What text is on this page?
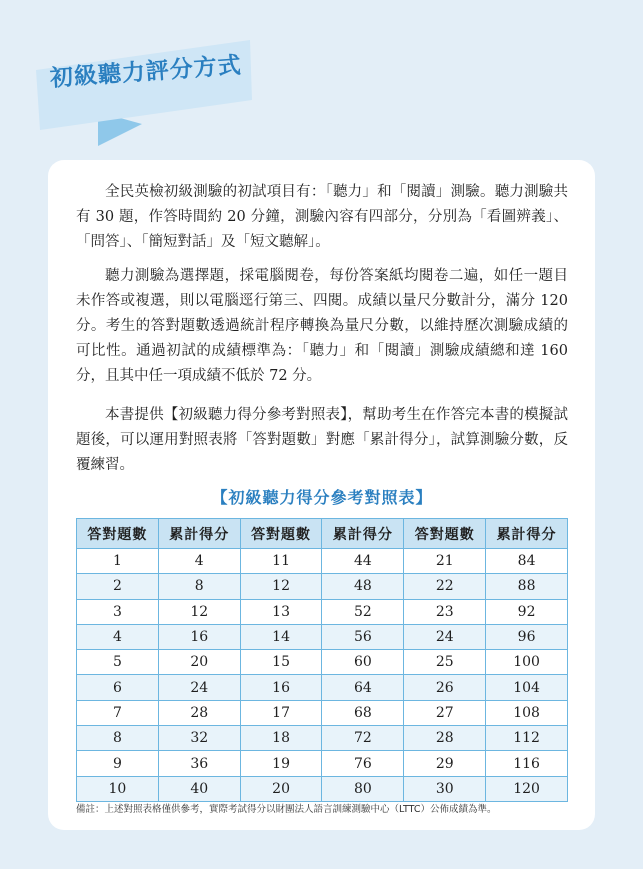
初級聽力評分方式

全民英檢初級測驗的初試項目有：「聽力」和「閱讀」測驗。聽力測驗共有 30 題，作答時間約 20 分鐘，測驗內容有四部分，分別為「看圖辨義」、「問答」、「簡短對話」及「短文聽解」。

聽力測驗為選擇題，採電腦閱卷，每份答案紙均閱卷二遍，如任一題目未作答或複選，則以電腦逕行第三、四閱。成績以量尺分數計分，滿分 120 分。考生的答對題數透過統計程序轉換為量尺分數，以維持歷次測驗成績的可比性。通過初試的成績標準為：「聽力」和「閱讀」測驗成績總和達 160 分，且其中任一項成績不低於 72 分。

本書提供【初級聽力得分參考對照表】，幫助考生在作答完本書的模擬試題後，可以運用對照表將「答對題數」對應「累計得分」，試算測驗分數，反覆練習。

【初級聽力得分參考對照表】
答對題數	累計得分	答對題數	累計得分	答對題數	累計得分
1	4	11	44	21	84
2	8	12	48	22	88
3	12	13	52	23	92
4	16	14	56	24	96
5	20	15	60	25	100
6	24	16	64	26	104
7	28	17	68	27	108
8	32	18	72	28	112
9	36	19	76	29	116
10	40	20	80	30	120
備註：上述對照表格僅供參考，實際考試得分以財團法人語言訓練測驗中心（LTTC）公佈成績為準。
